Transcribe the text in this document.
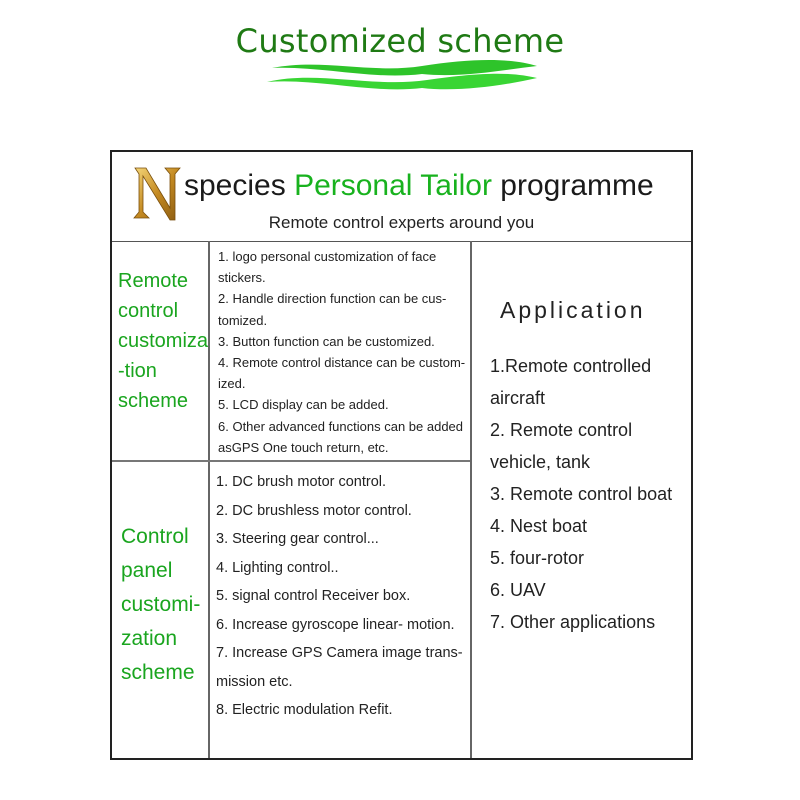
Customized scheme
species Personal Tailor programme
Remote control experts around you
Remote
control
customiza
-tion
scheme
1. logo personal customization of face
stickers.
2. Handle direction function can be cus-
tomized.
3. Button function can be customized.
4. Remote control distance can be custom-
ized.
5. LCD display can be added.
6. Other advanced functions can be added
asGPS One touch return, etc.
Control
panel
customi-
zation
scheme
1. DC brush motor control.
2. DC brushless motor control.
3. Steering gear control...
4. Lighting control..
5. signal control Receiver box.
6. Increase gyroscope linear- motion.
7. Increase GPS Camera image trans-
mission etc.
8. Electric modulation Refit.
Application
1.Remote controlled
aircraft
2. Remote control
vehicle, tank
3. Remote control boat
4. Nest boat
5. four-rotor
6. UAV
7. Other applications
